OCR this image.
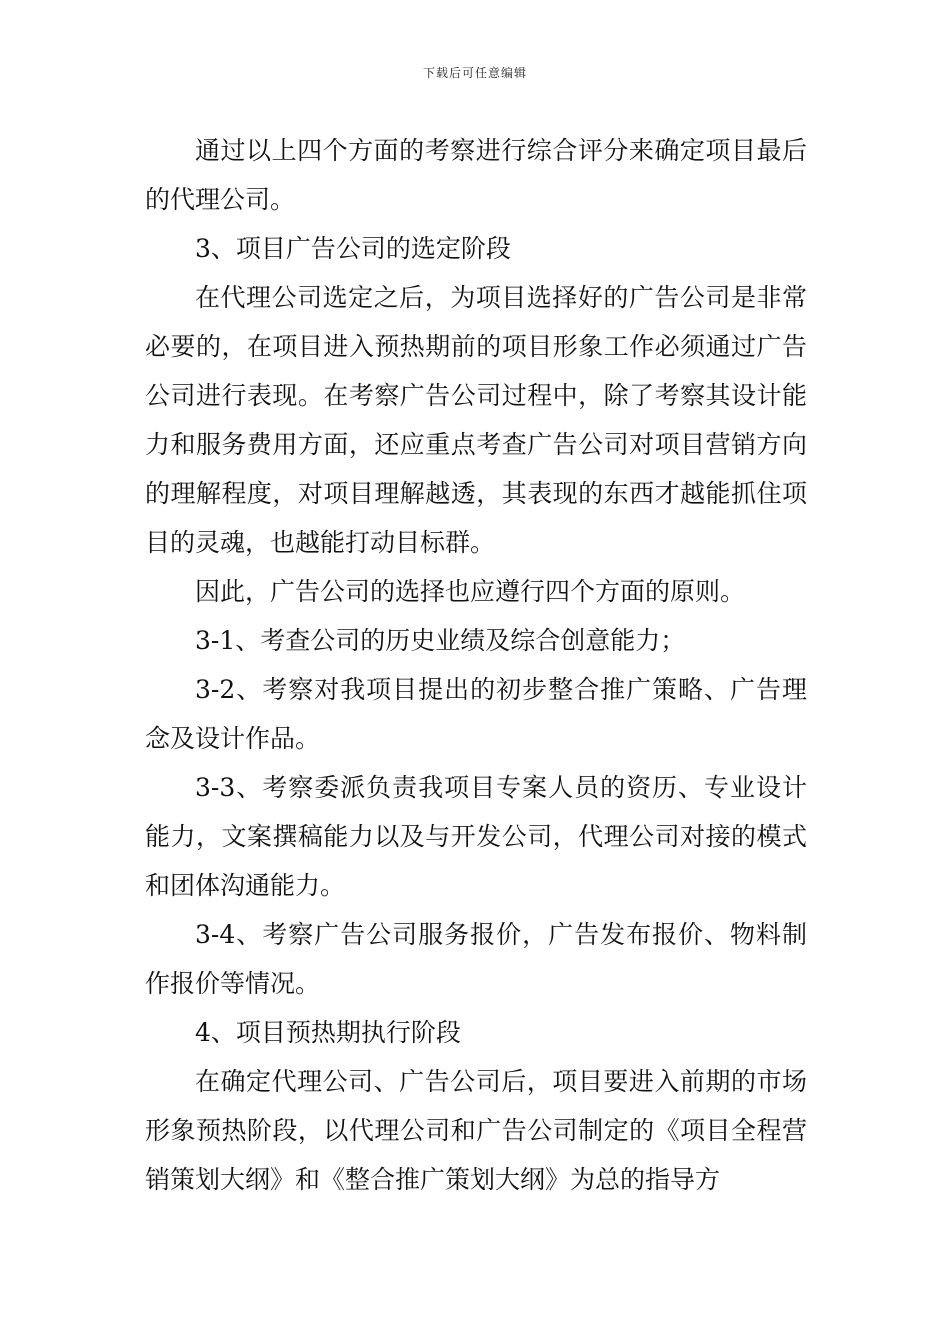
下载后可任意编辑

通过以上四个方面的考察进行综合评分来确定项目最后的代理公司。

3、项目广告公司的选定阶段

在代理公司选定之后，为项目选择好的广告公司是非常必要的，在项目进入预热期前的项目形象工作必须通过广告公司进行表现。在考察广告公司过程中，除了考察其设计能力和服务费用方面，还应重点考查广告公司对项目营销方向的理解程度，对项目理解越透，其表现的东西才越能抓住项目的灵魂，也越能打动目标群。

因此，广告公司的选择也应遵行四个方面的原则。

3-1、考查公司的历史业绩及综合创意能力；

3-2、考察对我项目提出的初步整合推广策略、广告理念及设计作品。

3-3、考察委派负责我项目专案人员的资历、专业设计能力，文案撰稿能力以及与开发公司，代理公司对接的模式和团体沟通能力。

3-4、考察广告公司服务报价，广告发布报价、物料制作报价等情况。

4、项目预热期执行阶段

在确定代理公司、广告公司后，项目要进入前期的市场形象预热阶段，以代理公司和广告公司制定的《项目全程营销策划大纲》和《整合推广策划大纲》为总的指导方
